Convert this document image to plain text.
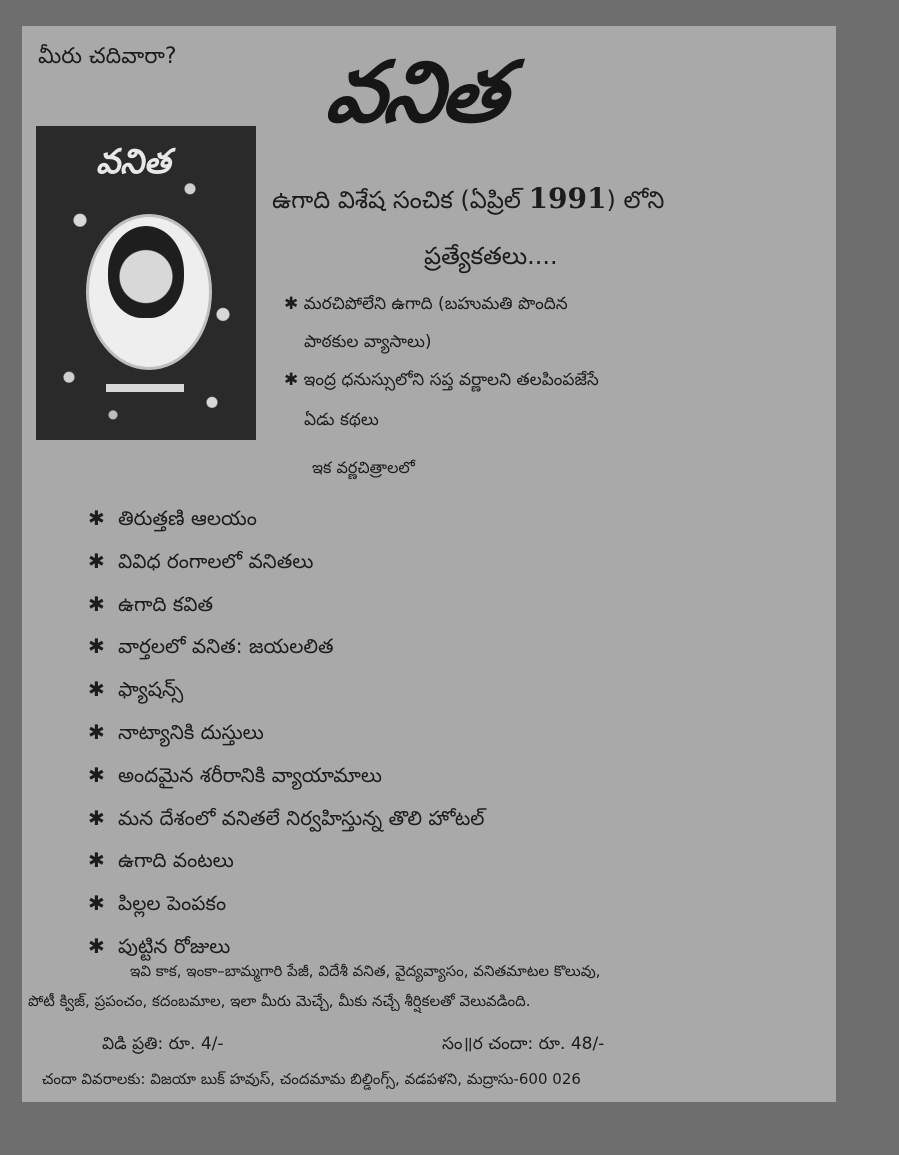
మీరు చదివారా? వనిత
వనిత
ఉగాది విశేష సంచిక (ఏప్రిల్ 1991) లోని
ప్రత్యేకతలు....
✱ మరచిపోలేని ఉగాది (బహుమతి పొందిన
పాఠకుల వ్యాసాలు)
✱ ఇంద్ర ధనుస్సులోని సప్త వర్ణాలని తలపింపజేసే
ఏడు కథలు
ఇక వర్ణచిత్రాలలో
✱ తిరుత్తణి ఆలయం
✱ వివిధ రంగాలలో వనితలు
✱ ఉగాది కవిత
✱ వార్తలలో వనిత: జయలలిత
✱ ఫ్యాషన్స్
✱ నాట్యానికి దుస్తులు
✱ అందమైన శరీరానికి వ్యాయామాలు
✱ మన దేశంలో వనితలే నిర్వహిస్తున్న తొలి హోటల్
✱ ఉగాది వంటలు
✱ పిల్లల పెంపకం
✱ పుట్టిన రోజులు
ఇవి కాక, ఇంకా–బామ్మగారి పేజీ, విదేశీ వనిత, వైద్యవ్యాసం, వనితమాటల కొలువు,
పోటీ క్విజ్, ప్రపంచం, కదంబమాల, ఇలా మీరు మెచ్చే, మీకు నచ్చే శీర్షికలతో వెలువడింది.
విడి ప్రతి: రూ. 4/-	సం॥ర చందా: రూ. 48/-
చందా వివరాలకు: విజయా బుక్ హవుస్, చందమామ బిల్డింగ్స్, వడపళని, మద్రాసు-600 026
